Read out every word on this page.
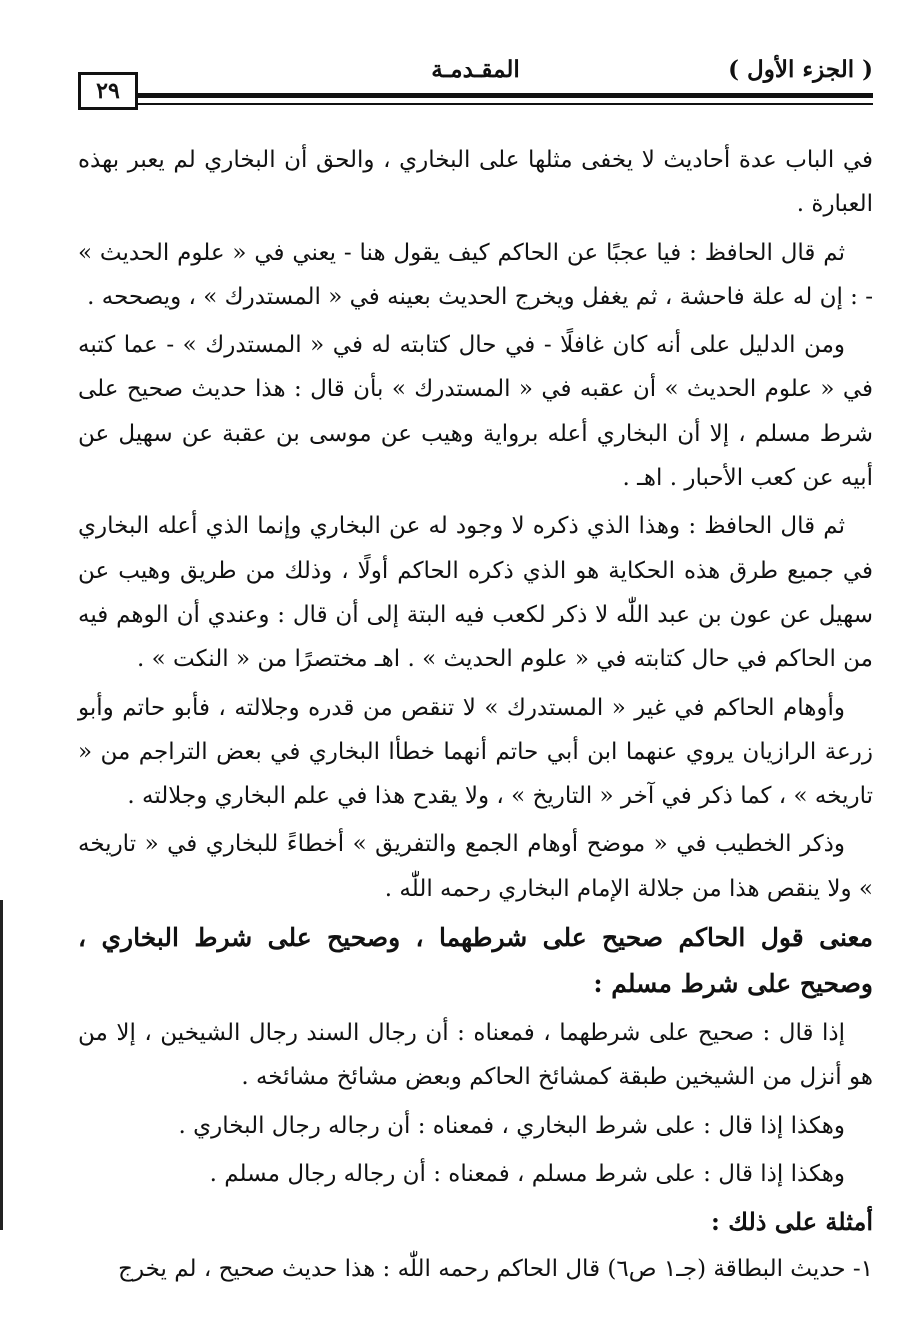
( الجزء الأول )
المقـدمـة
٢٩

في الباب عدة أحاديث لا يخفى مثلها على البخاري ، والحق أن البخاري لم يعبر بهذه العبارة .

ثم قال الحافظ : فيا عجبًا عن الحاكم كيف يقول هنا - يعني في « علوم الحديث » - : إن له علة فاحشة ، ثم يغفل ويخرج الحديث بعينه في « المستدرك » ، ويصححه .

ومن الدليل على أنه كان غافلًا - في حال كتابته له في « المستدرك » - عما كتبه في « علوم الحديث » أن عقبه في « المستدرك » بأن قال : هذا حديث صحيح على شرط مسلم ، إلا أن البخاري أعله برواية وهيب عن موسى بن عقبة عن سهيل عن أبيه عن كعب الأحبار . اهـ .

ثم قال الحافظ : وهذا الذي ذكره لا وجود له عن البخاري وإنما الذي أعله البخاري في جميع طرق هذه الحكاية هو الذي ذكره الحاكم أولًا ، وذلك من طريق وهيب عن سهيل عن عون بن عبد اللّٰه لا ذكر لكعب فيه البتة إلى أن قال : وعندي أن الوهم فيه من الحاكم في حال كتابته في « علوم الحديث » . اهـ مختصرًا من « النكت » .

وأوهام الحاكم في غير « المستدرك » لا تنقص من قدره وجلالته ، فأبو حاتم وأبو زرعة الرازيان يروي عنهما ابن أبي حاتم أنهما خطأا البخاري في بعض التراجم من « تاريخه » ، كما ذكر في آخر « التاريخ » ، ولا يقدح هذا في علم البخاري وجلالته .

وذكر الخطيب في « موضح أوهام الجمع والتفريق » أخطاءً للبخاري في « تاريخه » ولا ينقص هذا من جلالة الإمام البخاري رحمه اللّٰه .

معنى قول الحاكم صحيح على شرطهما ، وصحيح على شرط البخاري ، وصحيح على شرط مسلم :

إذا قال : صحيح على شرطهما ، فمعناه : أن رجال السند رجال الشيخين ، إلا من هو أنزل من الشيخين طبقة كمشائخ الحاكم وبعض مشائخ مشائخه .

وهكذا إذا قال : على شرط البخاري ، فمعناه : أن رجاله رجال البخاري .

وهكذا إذا قال : على شرط مسلم ، فمعناه : أن رجاله رجال مسلم .

أمثلة على ذلك :

١- حديث البطاقة (جـ١ ص٦) قال الحاكم رحمه اللّٰه : هذا حديث صحيح ، لم يخرج
